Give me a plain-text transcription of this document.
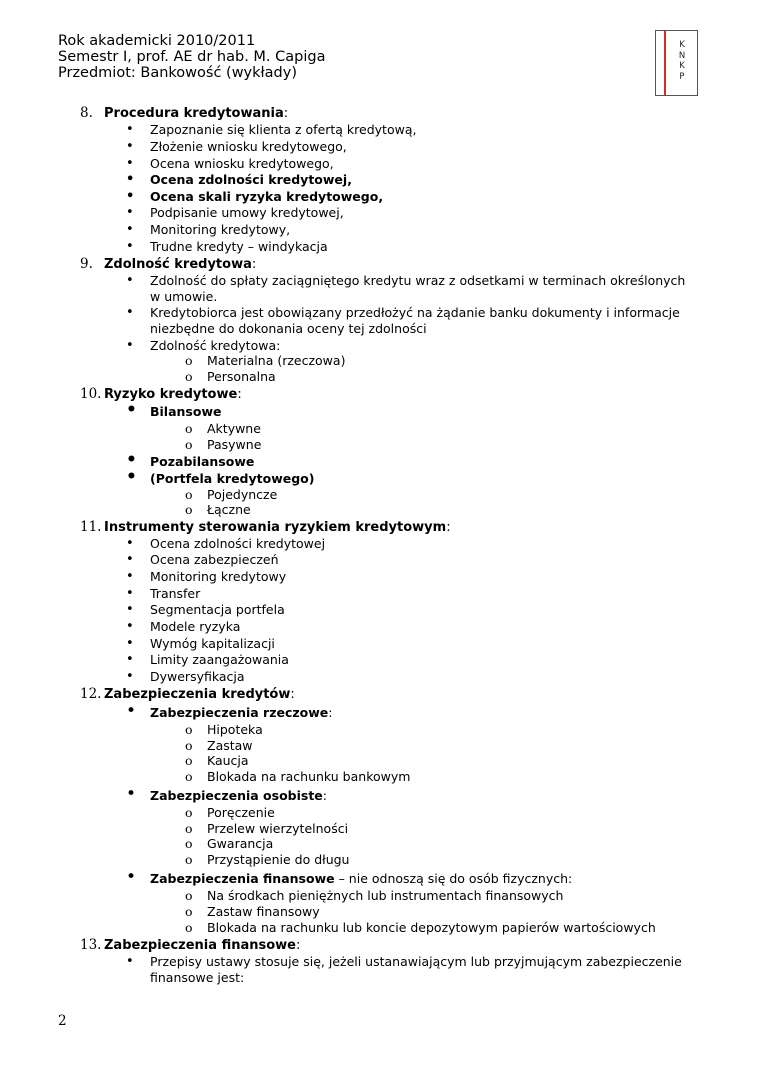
Rok akademicki 2010/2011
Semestr I, prof. AE dr hab. M. Capiga
Przedmiot: Bankowość (wykłady)
K
N
K
P
8. Procedura kredytowania:
• Zapoznanie się klienta z ofertą kredytową,
• Złożenie wniosku kredytowego,
• Ocena wniosku kredytowego,
• Ocena zdolności kredytowej,
• Ocena skali ryzyka kredytowego,
• Podpisanie umowy kredytowej,
• Monitoring kredytowy,
• Trudne kredyty – windykacja
9. Zdolność kredytowa:
• Zdolność do spłaty zaciągniętego kredytu wraz z odsetkami w terminach określonych
w umowie.
• Kredytobiorca jest obowiązany przedłożyć na żądanie banku dokumenty i informacje
niezbędne do dokonania oceny tej zdolności
• Zdolność kredytowa:
o Materialna (rzeczowa)
o Personalna
10. Ryzyko kredytowe:
• Bilansowe
o Aktywne
o Pasywne
• Pozabilansowe
• (Portfela kredytowego)
o Pojedyncze
o Łączne
11. Instrumenty sterowania ryzykiem kredytowym:
• Ocena zdolności kredytowej
• Ocena zabezpieczeń
• Monitoring kredytowy
• Transfer
• Segmentacja portfela
• Modele ryzyka
• Wymóg kapitalizacji
• Limity zaangażowania
• Dywersyfikacja
12. Zabezpieczenia kredytów:
• Zabezpieczenia rzeczowe:
o Hipoteka
o Zastaw
o Kaucja
o Blokada na rachunku bankowym
• Zabezpieczenia osobiste:
o Poręczenie
o Przelew wierzytelności
o Gwarancja
o Przystąpienie do długu
• Zabezpieczenia finansowe – nie odnoszą się do osób fizycznych:
o Na środkach pieniężnych lub instrumentach finansowych
o Zastaw finansowy
o Blokada na rachunku lub koncie depozytowym papierów wartościowych
13. Zabezpieczenia finansowe:
• Przepisy ustawy stosuje się, jeżeli ustanawiającym lub przyjmującym zabezpieczenie
finansowe jest:
2
